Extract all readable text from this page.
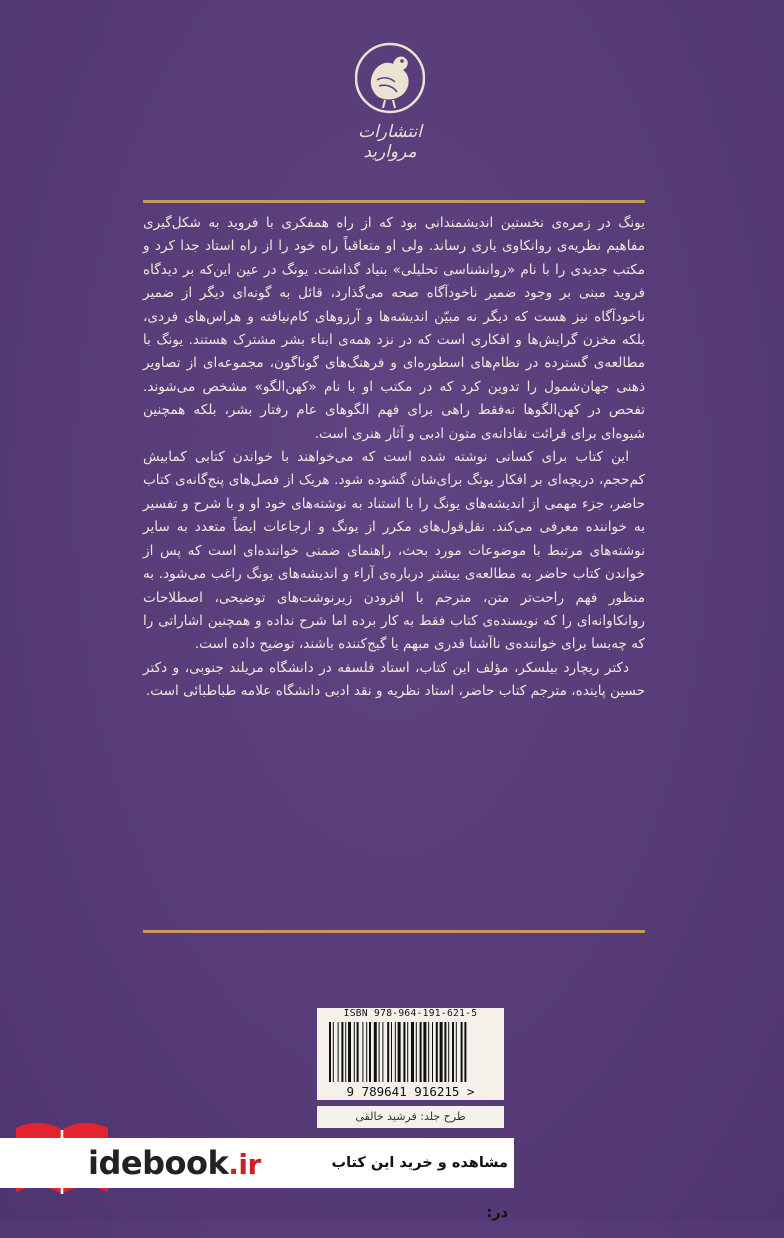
انتشارات مروارید

یونگ در زمره‌ی نخستین اندیشمندانی بود که از راه همفکری با فروید به شکل‌گیری مفاهیم نظریه‌ی روانکاوی یاری رساند. ولی او متعاقباً راه خود را از راه استاد جدا کرد و مکتب جدیدی را با نام «روانشناسی تحلیلی» بنیاد گذاشت. یونگ در عین این‌که بر دیدگاه فروید مبنی بر وجود ضمیر ناخودآگاه صحه می‌گذارد، قائل به گونه‌ای دیگر از ضمیر ناخودآگاه نیز هست که دیگر نه مبیّن اندیشه‌ها و آرزوهای کام‌نیافته و هراس‌های فردی، بلکه مخزن گرایش‌ها و افکاری است که در نزد همه‌ی ابناء بشر مشترک هستند. یونگ با مطالعه‌ی گسترده در نظام‌های اسطوره‌ای و فرهنگ‌های گوناگون، مجموعه‌ای از تصاویر ذهنی جهان‌شمول را تدوین کرد که در مکتب او با نام «کهن‌الگو» مشخص می‌شوند. تفحص در کهن‌الگوها نه‌فقط راهی برای فهم الگوهای عام رفتار بشر، بلکه همچنین شیوه‌ای برای قرائت نقادانه‌ی متون ادبی و آثار هنری است.

این کتاب برای کسانی نوشته شده است که می‌خواهند با خواندن کتابی کمابیش کم‌حجم، دریچه‌ای بر افکار یونگ برای‌شان گشوده شود. هریک از فصل‌های پنج‌گانه‌ی کتاب حاضر، جزء مهمی از اندیشه‌های یونگ را با استناد به نوشته‌های خود او و با شرح و تفسیر به خواننده معرفی می‌کند. نقل‌قول‌های مکرر از یونگ و ارجاعات ایضاً متعدد به سایر نوشته‌های مرتبط با موضوعات مورد بحث، راهنمای ضمنی خواننده‌ای است که پس از خواندن کتاب حاضر به مطالعه‌ی بیشتر درباره‌ی آراء و اندیشه‌های یونگ راغب می‌شود. به منظور فهم راحت‌تر متن، مترجم با افزودن زیرنوشت‌های توضیحی، اصطلاحات روانکاوانه‌ای را که نویسنده‌ی کتاب فقط به کار برده اما شرح نداده و همچنین اشاراتی را که چه‌بسا برای خواننده‌ی ناآشنا قدری مبهم یا گیج‌کننده باشند، توضیح داده است.

دکتر ریچارد بیلسکر، مؤلف این کتاب، استاد فلسفه در دانشگاه مریلند جنوبی، و دکتر حسین پاینده، مترجم کتاب حاضر، استاد نظریه و نقد ادبی دانشگاه علامه طباطبائی است.

ISBN 978-964-191-621-5
9 789641 916215 >
طرح جلد: فرشید خالقی
idebook.ir	مشاهده و خرید این کتاب در:
